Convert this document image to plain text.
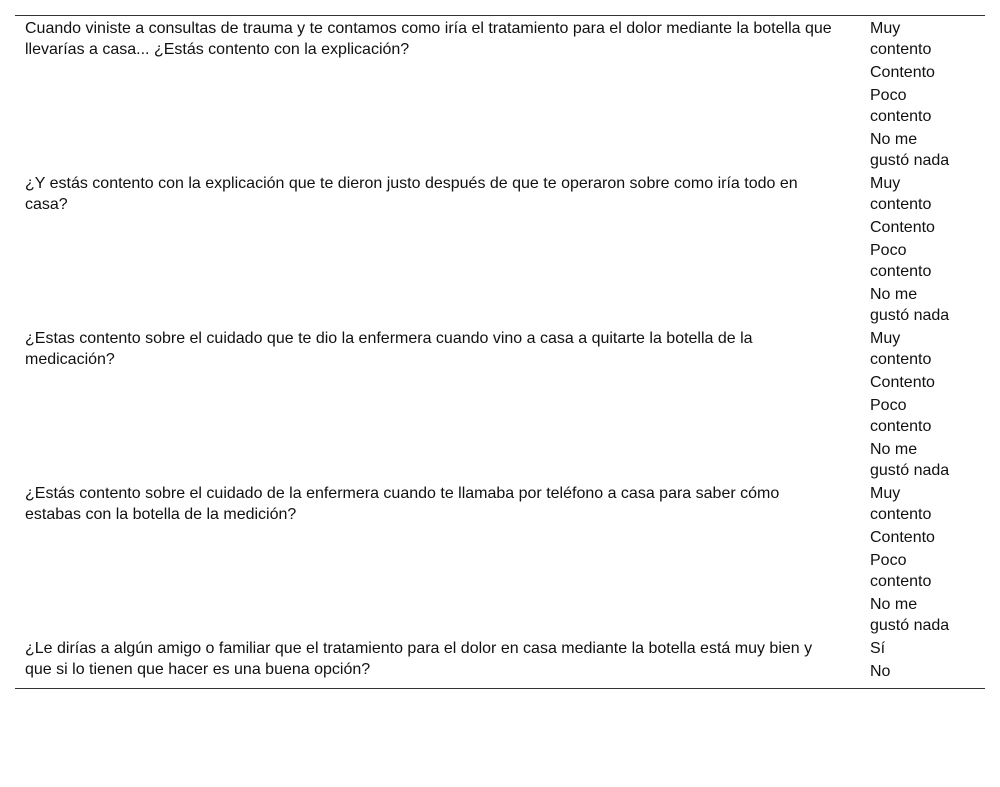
Cuando viniste a consultas de trauma y te contamos como iría el tratamiento para el dolor mediante la botella que llevarías a casa... ¿Estás contento con la explicación?
Muy contento
Contento
Poco contento
No me gustó nada
¿Y estás contento con la explicación que te dieron justo después de que te operaron sobre como iría todo en casa?
Muy contento
Contento
Poco contento
No me gustó nada
¿Estas contento sobre el cuidado que te dio la enfermera cuando vino a casa a quitarte la botella de la medicación?
Muy contento
Contento
Poco contento
No me gustó nada
¿Estás contento sobre el cuidado de la enfermera cuando te llamaba por teléfono a casa para saber cómo estabas con la botella de la medición?
Muy contento
Contento
Poco contento
No me gustó nada
¿Le dirías a algún amigo o familiar que el tratamiento para el dolor en casa mediante la botella está muy bien y que si lo tienen que hacer es una buena opción?
Sí
No
